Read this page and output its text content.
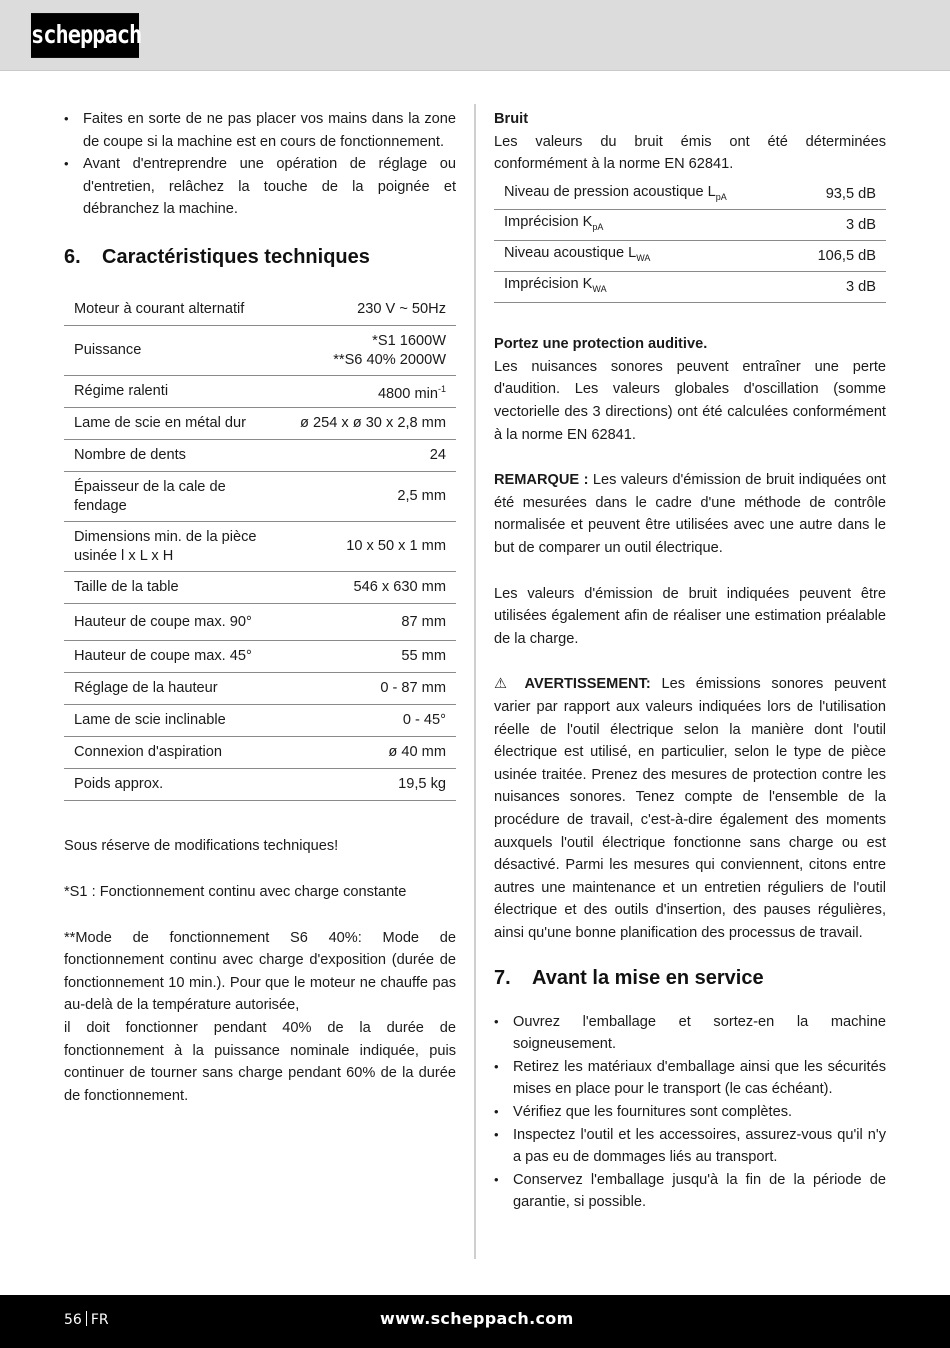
scheppach
• Faites en sorte de ne pas placer vos mains dans la zone de coupe si la machine est en cours de fonctionnement.
• Avant d'entreprendre une opération de réglage ou d'entretien, relâchez la touche de la poignée et débranchez la machine.
6. Caractéristiques techniques
Moteur à courant alternatif	230 V ~ 50Hz
Puissance	*S1 1600W
**S6 40% 2000W

Régime ralenti	4800 $\min^{-1}$
Lame de scie en métal dur	ø 254 x ø 30 x 2,8 mm
Nombre de dents	24
Épaisseur de la cale de fendage	2,5 mm
Dimensions min. de la pièce usinée l x L x H	10 x 50 x 1 mm
Taille de la table	546 x 630 mm
Hauteur de coupe max. 90°	87 mm
Hauteur de coupe max. 45°	55 mm
Réglage de la hauteur	0 - 87 mm
Lame de scie inclinable	0 - 45°
Connexion d'aspiration	ø 40 mm
Poids approx.	19,5 kg

Sous réserve de modifications techniques!

*S1 : Fonctionnement continu avec charge constante

**Mode de fonctionnement S6 40%: Mode de fonctionnement continu avec charge d'exposition (durée de fonctionnement 10 min.). Pour que le moteur ne chauffe pas au-delà de la température autorisée,

il doit fonctionner pendant 40% de la durée de fonctionnement à la puissance nominale indiquée, puis continuer de tourner sans charge pendant 60% de la durée de fonctionnement.

Bruit

Les valeurs du bruit émis ont été déterminées conformément à la norme EN 62841.

Niveau de pression acoustique $L_{pA}$	93,5 dB
Imprécision $K_{pA}$	3 dB
Niveau acoustique $L_{WA}$	106,5 dB
Imprécision $K_{WA}$	3 dB
Portez une protection auditive.

Les nuisances sonores peuvent entraîner une perte d'audition. Les valeurs globales d'oscillation (somme vectorielle des 3 directions) ont été calculées conformément à la norme EN 62841.

REMARQUE : Les valeurs d'émission de bruit indiquées ont été mesurées dans le cadre d'une méthode de contrôle normalisée et peuvent être utilisées avec une autre dans le but de comparer un outil électrique.

Les valeurs d'émission de bruit indiquées peuvent être utilisées également afin de réaliser une estimation préalable de la charge.

⚠ AVERTISSEMENT: Les émissions sonores peuvent varier par rapport aux valeurs indiquées lors de l'utilisation réelle de l'outil électrique selon la manière dont l'outil électrique est utilisé, en particulier, selon le type de pièce usinée traitée. Prenez des mesures de protection contre les nuisances sonores. Tenez compte de l'ensemble de la procédure de travail, c'est-à-dire également des moments auxquels l'outil électrique fonctionne sans charge ou est désactivé. Parmi les mesures qui conviennent, citons entre autres une maintenance et un entretien réguliers de l'outil électrique et des outils d'insertion, des pauses régulières, ainsi qu'une bonne planification des processus de travail.

7. Avant la mise en service
• Ouvrez l'emballage et sortez-en la machine soigneusement.
• Retirez les matériaux d'emballage ainsi que les sécurités mises en place pour le transport (le cas échéant).
• Vérifiez que les fournitures sont complètes.
• Inspectez l'outil et les accessoires, assurez-vous qu'il n'y a pas eu de dommages liés au transport.
• Conservez l'emballage jusqu'à la fin de la période de garantie, si possible.
56 FR	www.scheppach.com
